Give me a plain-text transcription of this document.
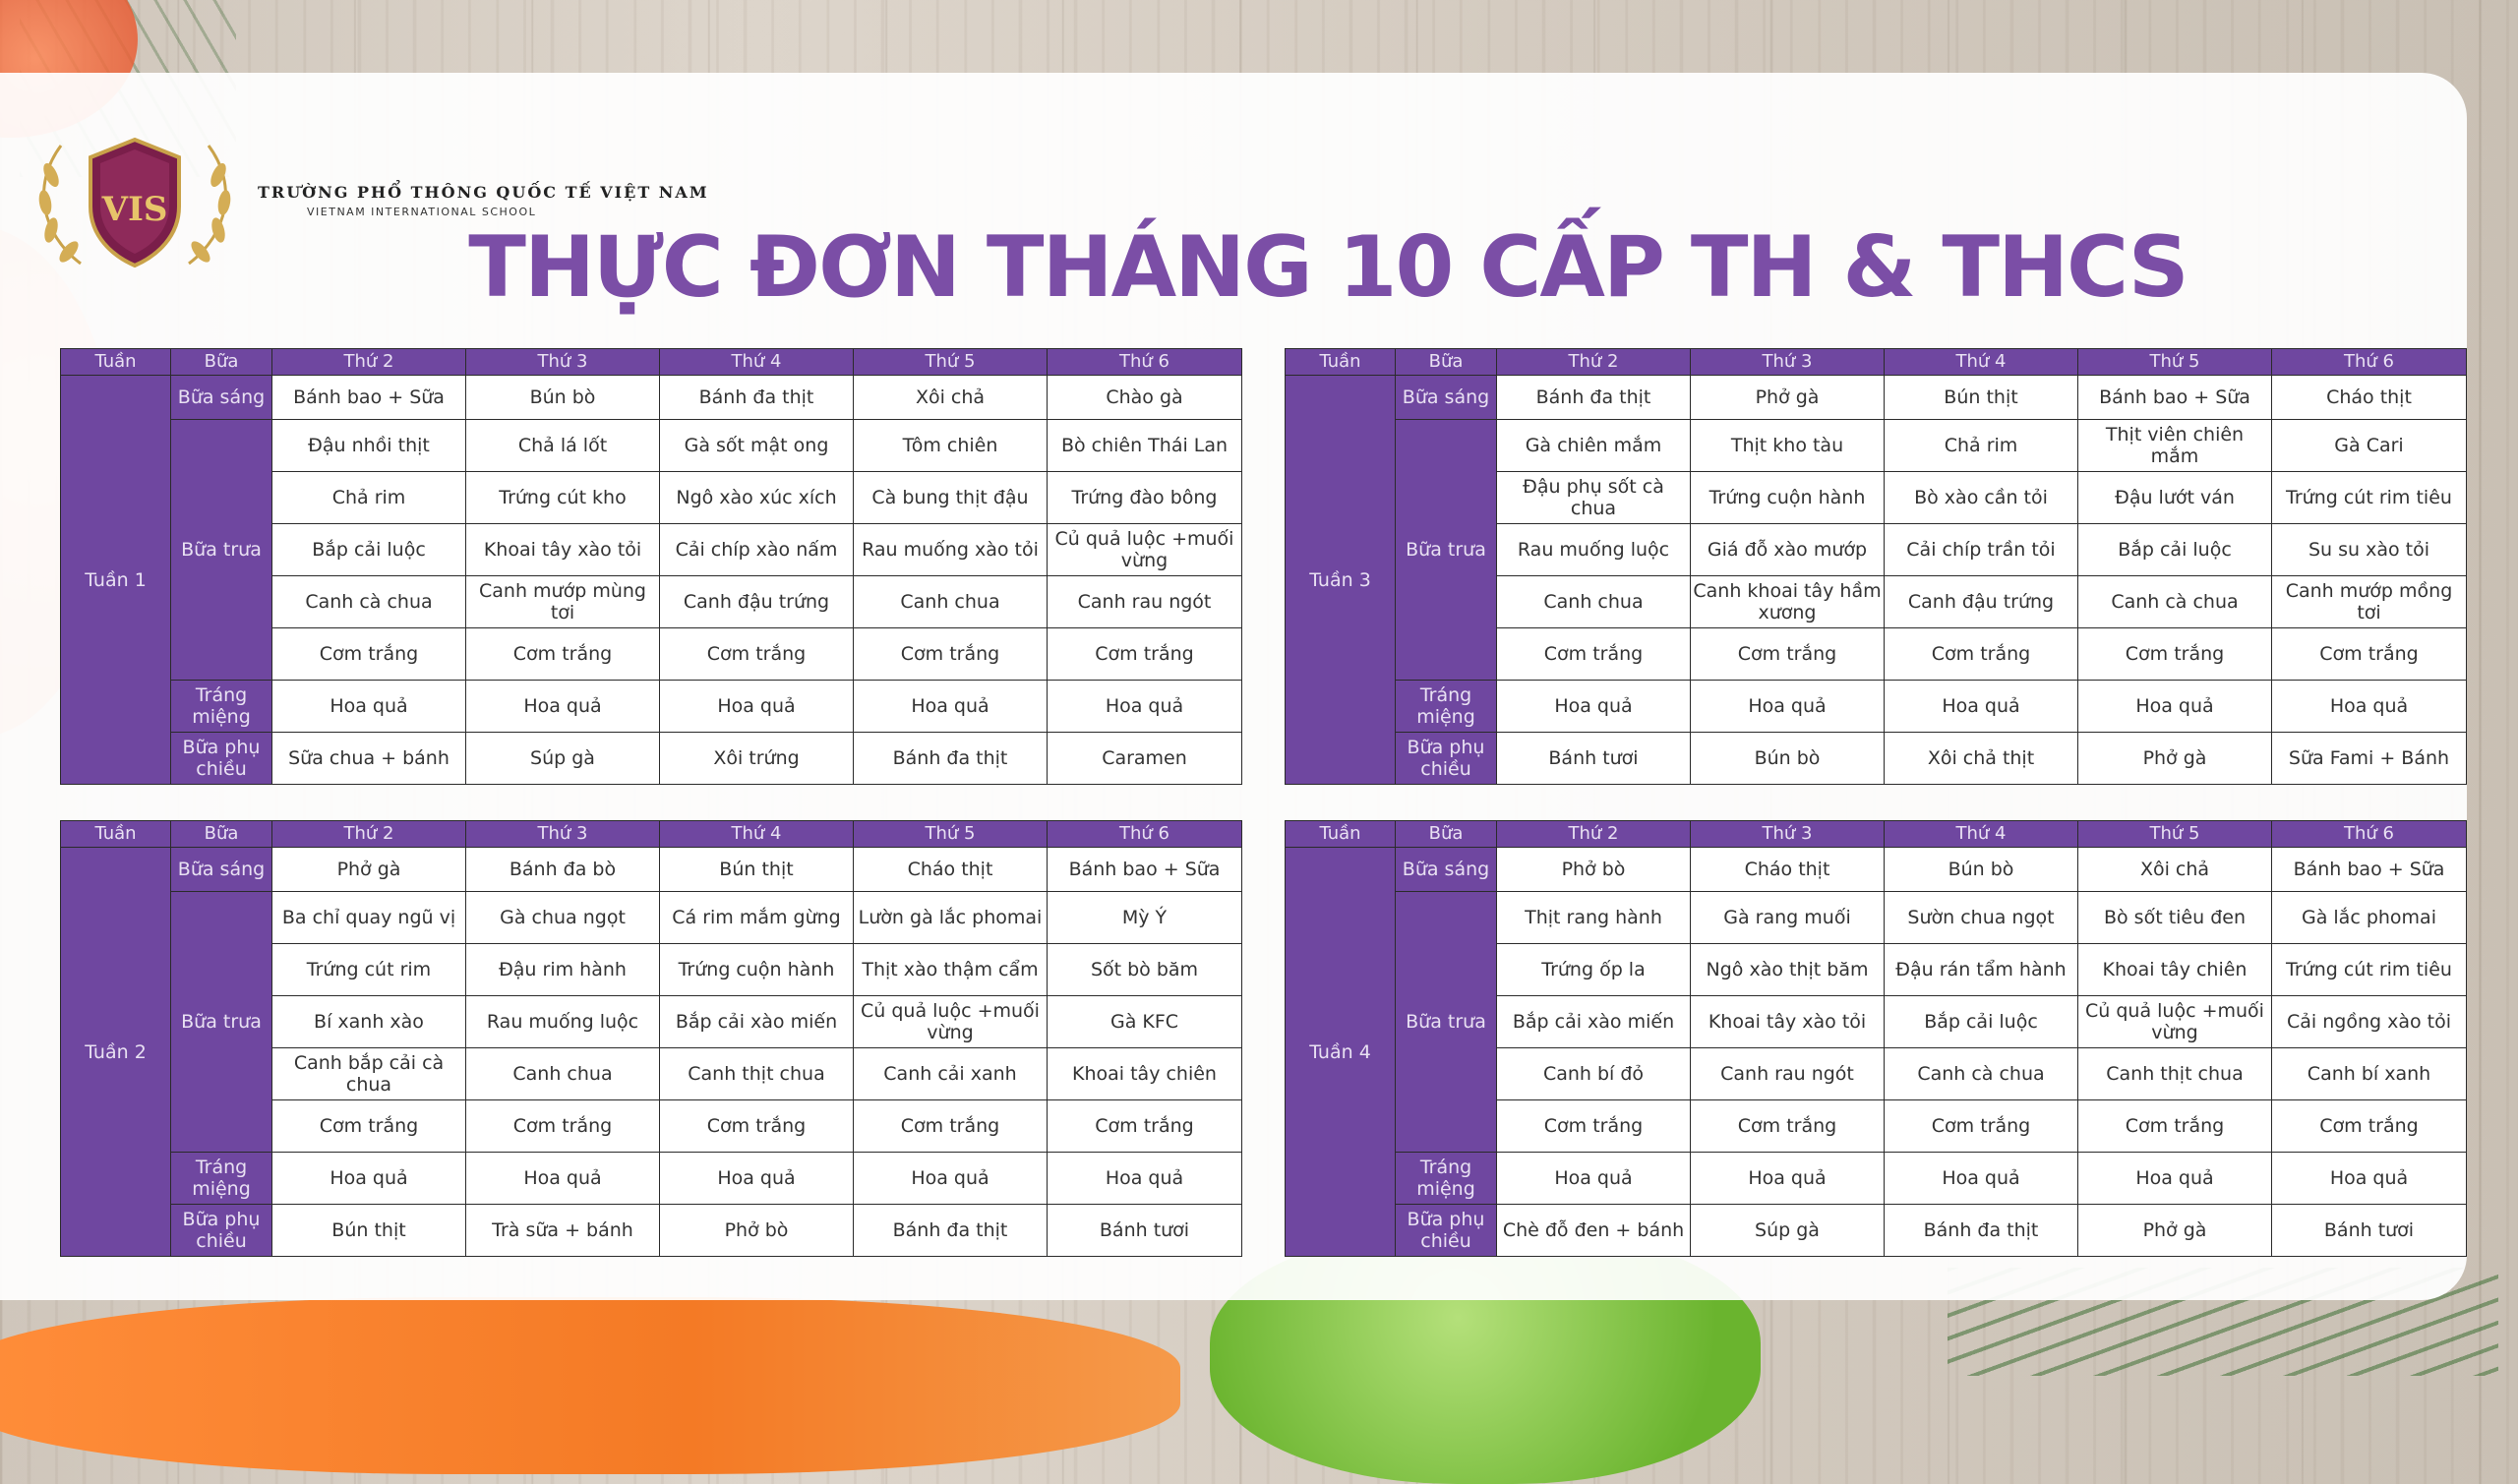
VIS	TRƯỜNG PHỔ THÔNG QUỐC TẾ VIỆT NAM
VIETNAM INTERNATIONAL SCHOOL
THỰC ĐƠN THÁNG 10 CẤP TH & THCS
Tuần	Bữa	Thứ 2	Thứ 3	Thứ 4	Thứ 5	Thứ 6
Tuần 1	Bữa sáng	Bánh bao + Sữa	Bún bò	Bánh đa thịt	Xôi chả	Chào gà
	Bữa trưa	Đậu nhồi thịt	Chả lá lốt	Gà sốt mật ong	Tôm chiên	Bò chiên Thái Lan
		Chả rim	Trứng cút kho	Ngô xào xúc xích	Cà bung thịt đậu	Trứng đào bông
		Bắp cải luộc	Khoai tây xào tỏi	Cải chíp xào nấm	Rau muống xào tỏi	Củ quả luộc +muối vừng
		Canh cà chua	Canh mướp mùng tơi	Canh đậu trứng	Canh chua	Canh rau ngót
		Cơm trắng	Cơm trắng	Cơm trắng	Cơm trắng	Cơm trắng
	Tráng miệng	Hoa quả	Hoa quả	Hoa quả	Hoa quả	Hoa quả
	Bữa phụ chiều	Sữa chua + bánh	Súp gà	Xôi trứng	Bánh đa thịt	Caramen
Tuần	Bữa	Thứ 2	Thứ 3	Thứ 4	Thứ 5	Thứ 6
Tuần 3	Bữa sáng	Bánh đa thịt	Phở gà	Bún thịt	Bánh bao + Sữa	Cháo thịt
	Bữa trưa	Gà chiên mắm	Thịt kho tàu	Chả rim	Thịt viên chiên mắm	Gà Cari
		Đậu phụ sốt cà chua	Trứng cuộn hành	Bò xào cần tỏi	Đậu lướt ván	Trứng cút rim tiêu
		Rau muống luộc	Giá đỗ xào mướp	Cải chíp trần tỏi	Bắp cải luộc	Su su xào tỏi
		Canh chua	Canh khoai tây hầm xương	Canh đậu trứng	Canh cà chua	Canh mướp mồng tơi
		Cơm trắng	Cơm trắng	Cơm trắng	Cơm trắng	Cơm trắng
	Tráng miệng	Hoa quả	Hoa quả	Hoa quả	Hoa quả	Hoa quả
	Bữa phụ chiều	Bánh tươi	Bún bò	Xôi chả thịt	Phở gà	Sữa Fami + Bánh
Tuần	Bữa	Thứ 2	Thứ 3	Thứ 4	Thứ 5	Thứ 6
Tuần 2	Bữa sáng	Phở gà	Bánh đa bò	Bún thịt	Cháo thịt	Bánh bao + Sữa
	Bữa trưa	Ba chỉ quay ngũ vị	Gà chua ngọt	Cá rim mắm gừng	Lườn gà lắc phomai	Mỳ Ý
		Trứng cút rim	Đậu rim hành	Trứng cuộn hành	Thịt xào thậm cẩm	Sốt bò băm
		Bí xanh xào	Rau muống luộc	Bắp cải xào miến	Củ quả luộc +muối vừng	Gà KFC
		Canh bắp cải cà chua	Canh chua	Canh thịt chua	Canh cải xanh	Khoai tây chiên
		Cơm trắng	Cơm trắng	Cơm trắng	Cơm trắng	Cơm trắng
	Tráng miệng	Hoa quả	Hoa quả	Hoa quả	Hoa quả	Hoa quả
	Bữa phụ chiều	Bún thịt	Trà sữa + bánh	Phở bò	Bánh đa thịt	Bánh tươi
Tuần	Bữa	Thứ 2	Thứ 3	Thứ 4	Thứ 5	Thứ 6
Tuần 4	Bữa sáng	Phở bò	Cháo thịt	Bún bò	Xôi chả	Bánh bao + Sữa
	Bữa trưa	Thịt rang hành	Gà rang muối	Sườn chua ngọt	Bò sốt tiêu đen	Gà lắc phomai
		Trứng ốp la	Ngô xào thịt băm	Đậu rán tẩm hành	Khoai tây chiên	Trứng cút rim tiêu
		Bắp cải xào miến	Khoai tây xào tỏi	Bắp cải luộc	Củ quả luộc +muối vừng	Cải ngồng xào tỏi
		Canh bí đỏ	Canh rau ngót	Canh cà chua	Canh thịt chua	Canh bí xanh
		Cơm trắng	Cơm trắng	Cơm trắng	Cơm trắng	Cơm trắng
	Tráng miệng	Hoa quả	Hoa quả	Hoa quả	Hoa quả	Hoa quả
	Bữa phụ chiều	Chè đỗ đen + bánh	Súp gà	Bánh đa thịt	Phở gà	Bánh tươi
